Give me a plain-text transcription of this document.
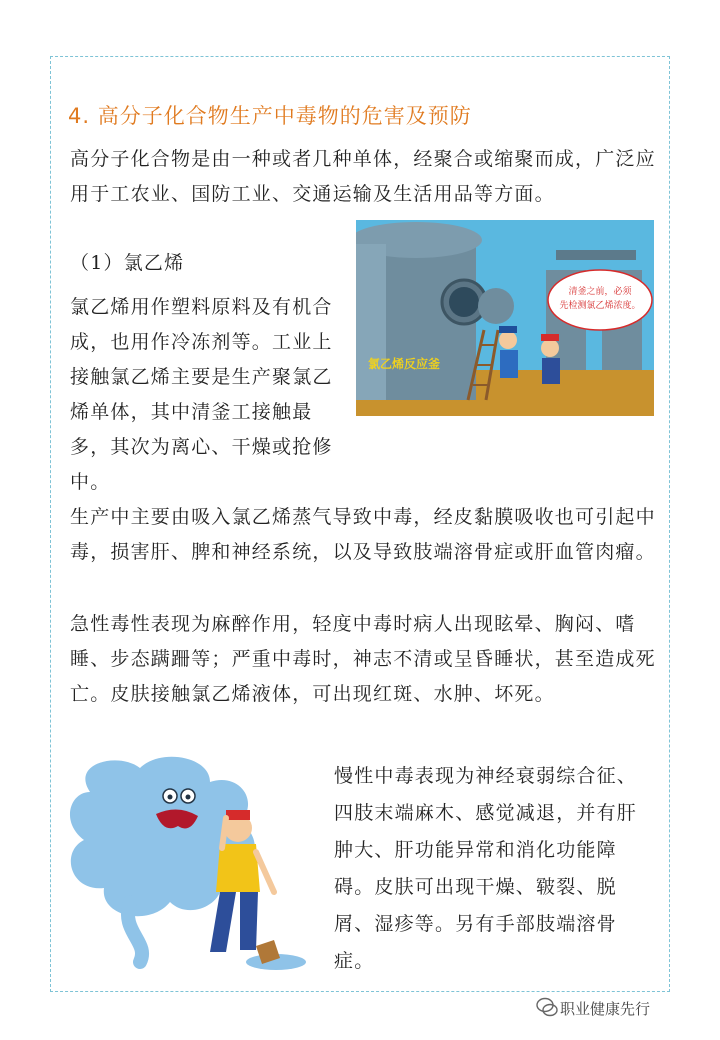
4. 高分子化合物生产中毒物的危害及预防

高分子化合物是由一种或者几种单体，经聚合或缩聚而成，广泛应用于工农业、国防工业、交通运输及生活用品等方面。

（1）氯乙烯

氯乙烯用作塑料原料及有机合成，也用作冷冻剂等。工业上接触氯乙烯主要是生产聚氯乙烯单体，其中清釜工接触最多，其次为离心、干燥或抢修中。

清釜之前，必须
先检测氯乙烯浓度。
氯乙烯反应釜

生产中主要由吸入氯乙烯蒸气导致中毒，经皮黏膜吸收也可引起中毒，损害肝、脾和神经系统，以及导致肢端溶骨症或肝血管肉瘤。

急性毒性表现为麻醉作用，轻度中毒时病人出现眩晕、胸闷、嗜睡、步态蹒跚等；严重中毒时，神志不清或呈昏睡状，甚至造成死亡。皮肤接触氯乙烯液体，可出现红斑、水肿、坏死。

慢性中毒表现为神经衰弱综合征、四肢末端麻木、感觉减退，并有肝肿大、肝功能异常和消化功能障碍。皮肤可出现干燥、皲裂、脱屑、湿疹等。另有手部肢端溶骨症。

职业健康先行
